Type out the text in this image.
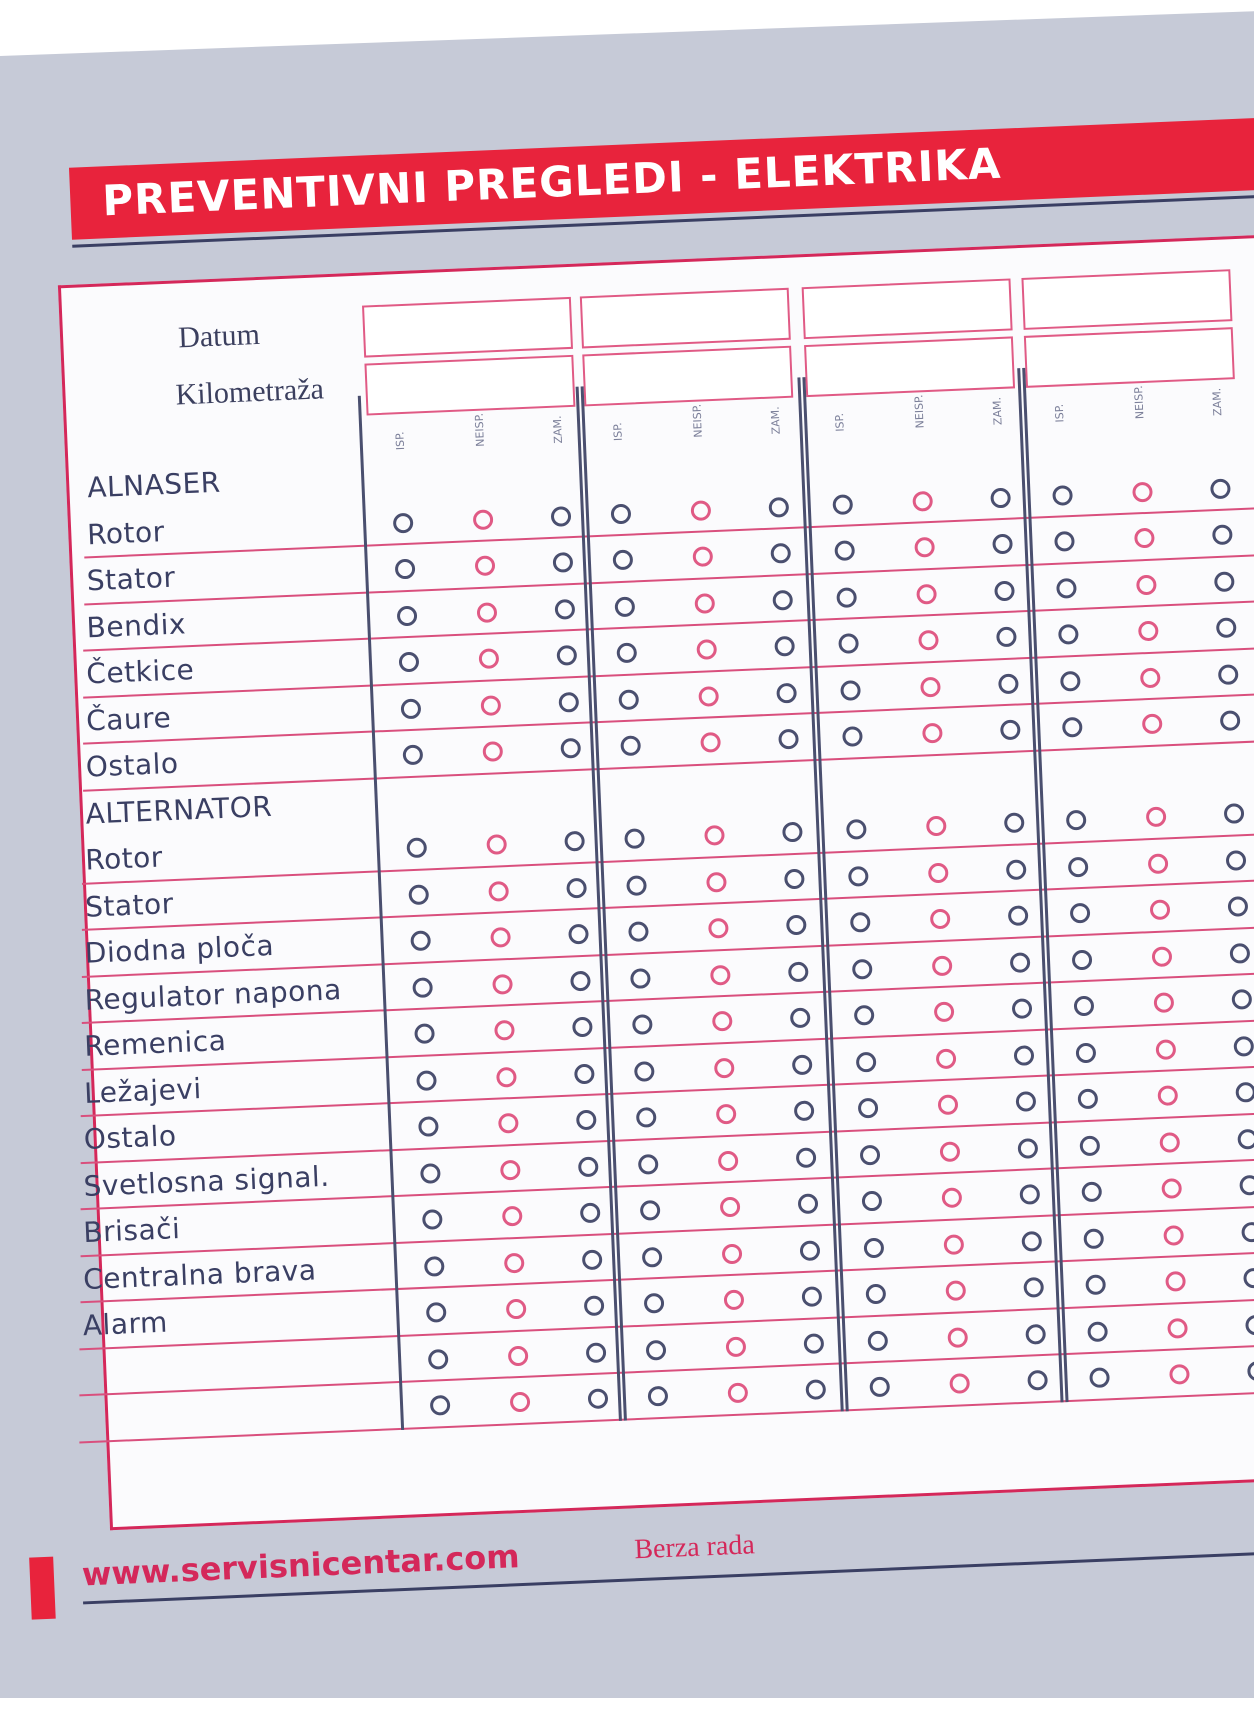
PREVENTIVNI PREGLEDI - ELEKTRIKA
Datum
Kilometraža
ISP.	NEISP.	ZAM.	ISP.	NEISP.	ZAM.	ISP.	NEISP.	ZAM.	ISP.	NEISP.	ZAM.
ALNASER
Rotor
Stator
Bendix
Četkice
Čaure
Ostalo
ALTERNATOR
Rotor
Stator
Diodna ploča
Regulator napona
Remenica
Ležajevi
Ostalo
Svetlosna signal.
Brisači
Centralna brava
Alarm
www.servisnicentar.com	Berza rada
